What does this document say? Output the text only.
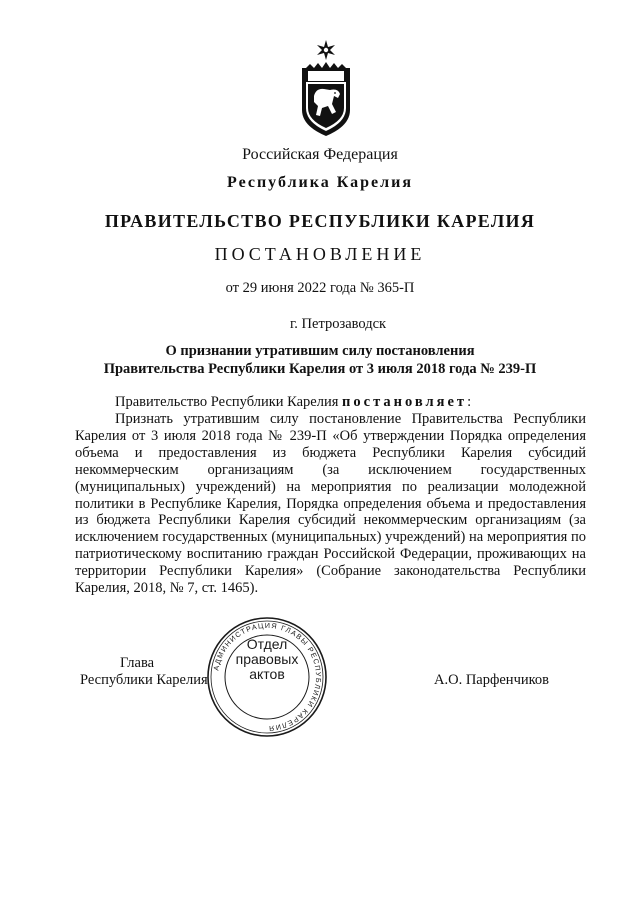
Российская Федерация
Республика Карелия
ПРАВИТЕЛЬСТВО РЕСПУБЛИКИ КАРЕЛИЯ
ПОСТАНОВЛЕНИЕ
от 29 июня 2022 года № 365-П
г. Петрозаводск
О признании утратившим силу постановления
Правительства Республики Карелия от 3 июля 2018 года № 239-П
Правительство Республики Карелия постановляет:
Признать утратившим силу постановление Правительства Республики Карелия от 3 июля 2018 года № 239-П «Об утверждении Порядка определения объема и предоставления из бюджета Республики Карелия субсидий некоммерческим организациям (за исключением государственных (муниципальных) учреждений) на мероприятия по реализации молодежной политики в Республике Карелия, Порядка определения объема и предоставления из бюджета Республики Карелия субсидий некоммерческим организациям (за исключением государственных (муниципальных) учреждений) на мероприятия по патриотическому воспитанию граждан Российской Федерации, проживающих на территории Республики Карелия» (Собрание законодательства Республики Карелия, 2018, № 7, ст. 1465).
Глава
Республики Карелия	А.О. Парфенчиков
АДМИНИСТРАЦИЯ ГЛАВЫ РЕСПУБЛИКИ КАРЕЛИЯ
Отдел
правовых
актов
